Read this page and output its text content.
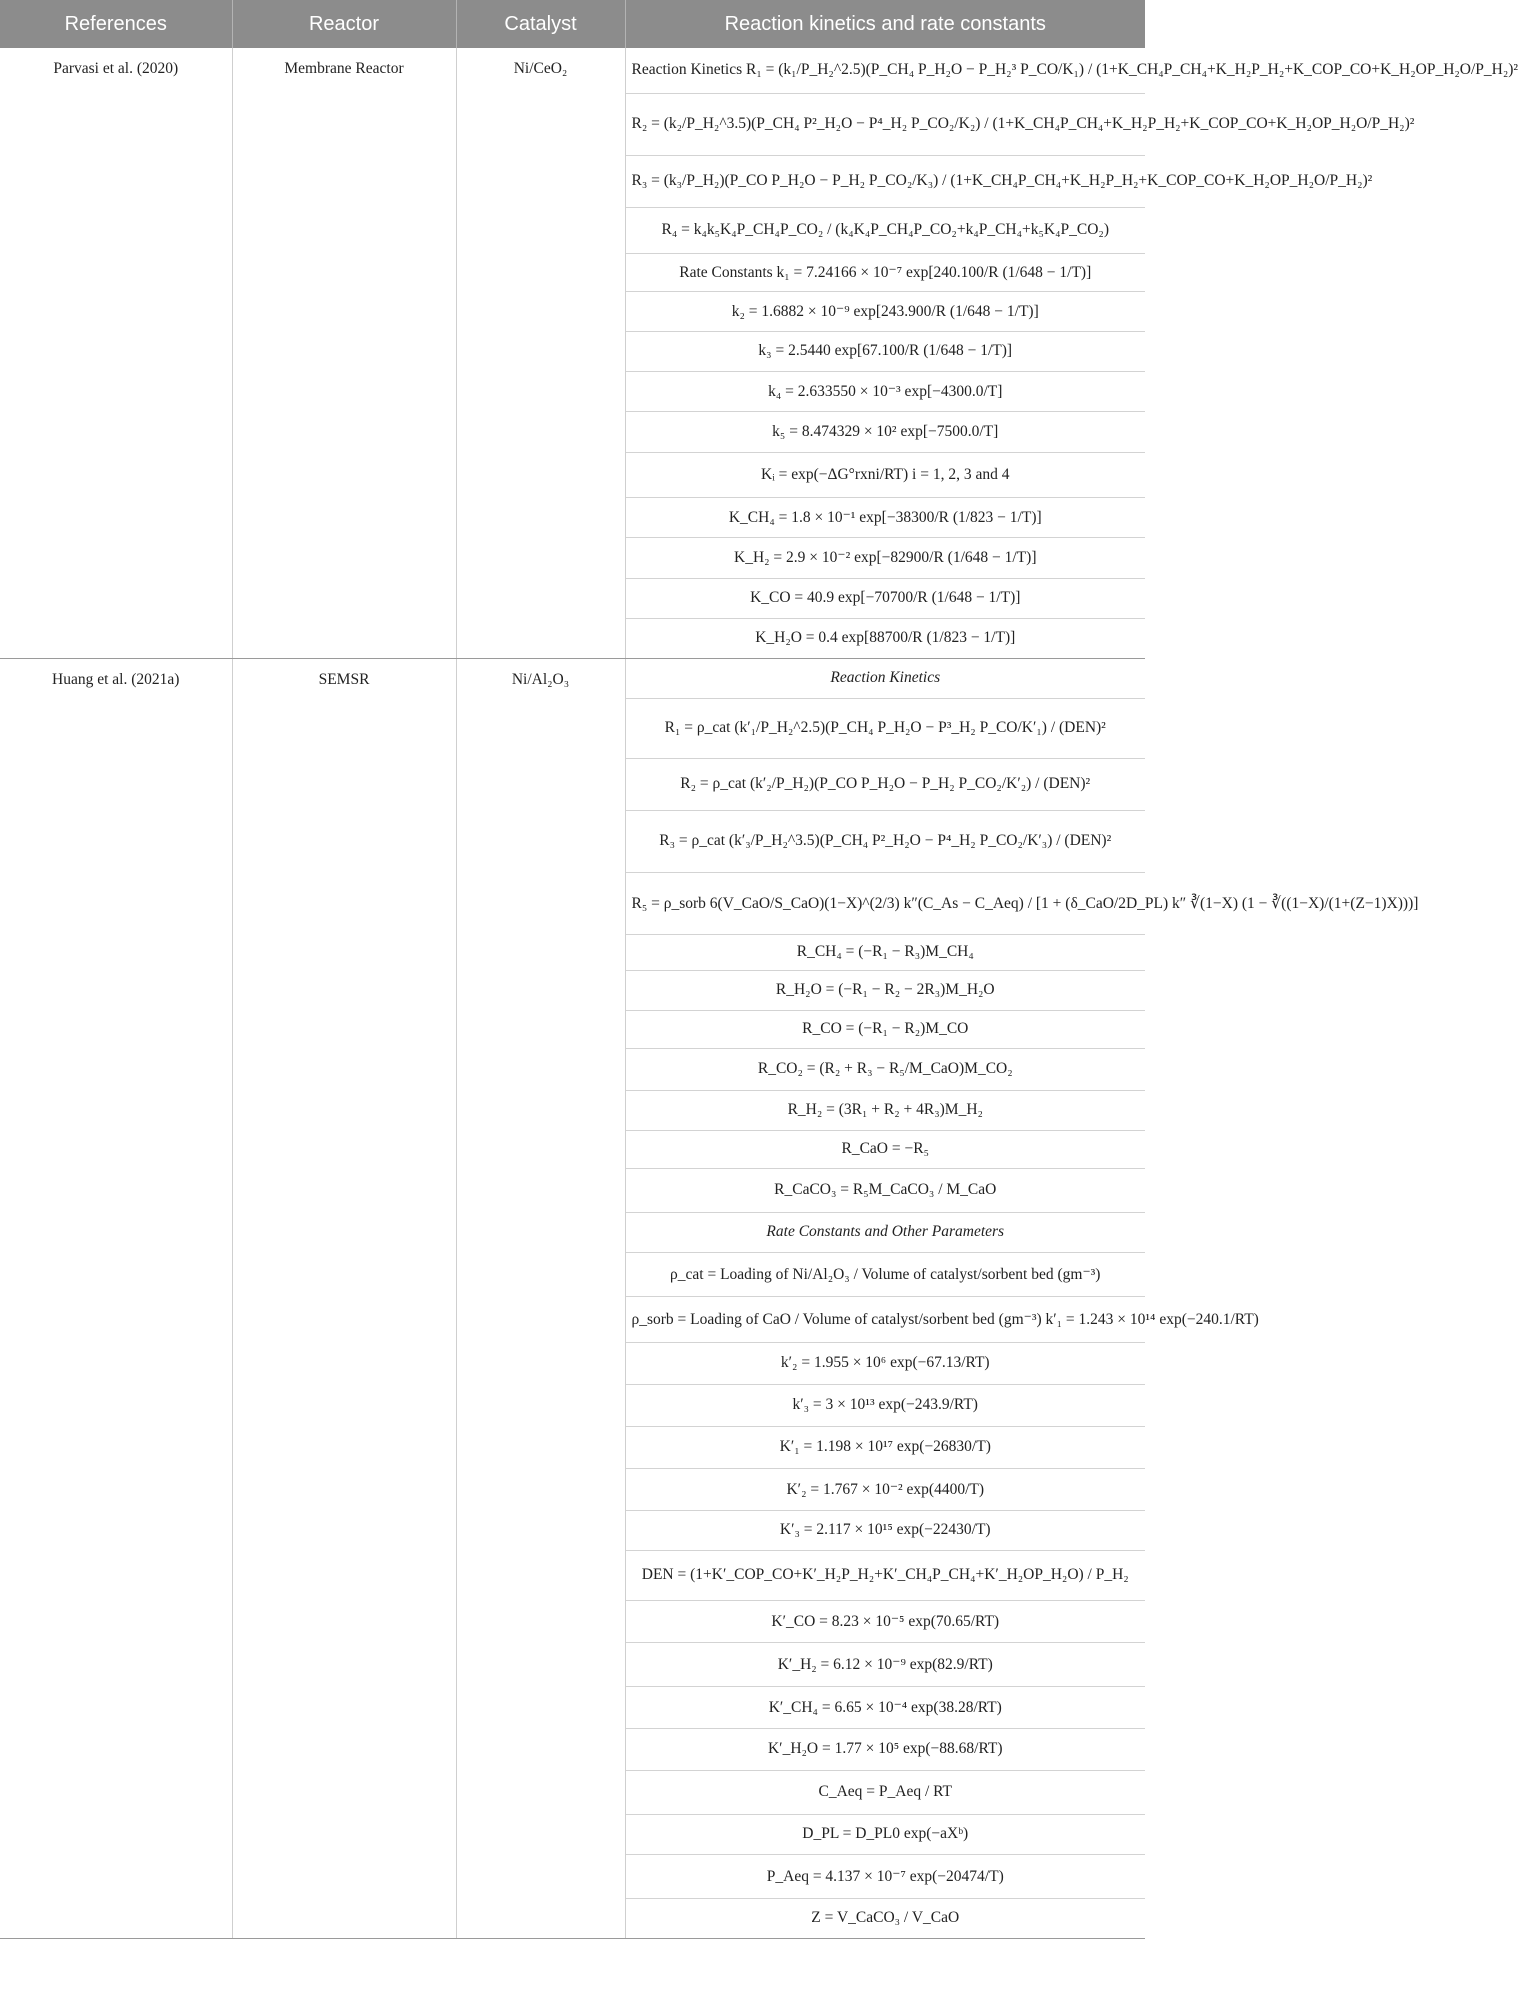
References	Reactor	Catalyst	Reaction kinetics and rate constants
Parvasi et al. (2020)	Membrane Reactor	Ni/CeO₂	Reaction Kinetics R₁ = (k₁/P_H₂^2.5)(P_CH₄ P_H₂O − P_H₂³ P_CO/K₁) / (1+K_CH₄P_CH₄+K_H₂P_H₂+K_COP_CO+K_H₂OP_H₂O/P_H₂)²
			R₂ = (k₂/P_H₂^3.5)(P_CH₄ P²_H₂O − P⁴_H₂ P_CO₂/K₂) / (1+K_CH₄P_CH₄+K_H₂P_H₂+K_COP_CO+K_H₂OP_H₂O/P_H₂)²
			R₃ = (k₃/P_H₂)(P_CO P_H₂O − P_H₂ P_CO₂/K₃) / (1+K_CH₄P_CH₄+K_H₂P_H₂+K_COP_CO+K_H₂OP_H₂O/P_H₂)²
			R₄ = k₄k₅K₄P_CH₄P_CO₂ / (k₄K₄P_CH₄P_CO₂+k₄P_CH₄+k₅K₄P_CO₂)
			Rate Constants k₁ = 7.24166 × 10⁻⁷ exp[240.100/R (1/648 − 1/T)]
			k₂ = 1.6882 × 10⁻⁹ exp[243.900/R (1/648 − 1/T)]
			k₃ = 2.5440 exp[67.100/R (1/648 − 1/T)]
			k₄ = 2.633550 × 10⁻³ exp[−4300.0/T]
			k₅ = 8.474329 × 10² exp[−7500.0/T]
			Kᵢ = exp(−ΔG°rxni/RT) i = 1, 2, 3 and 4
			K_CH₄ = 1.8 × 10⁻¹ exp[−38300/R (1/823 − 1/T)]
			K_H₂ = 2.9 × 10⁻² exp[−82900/R (1/648 − 1/T)]
			K_CO = 40.9 exp[−70700/R (1/648 − 1/T)]
			K_H₂O = 0.4 exp[88700/R (1/823 − 1/T)]
Huang et al. (2021a)	SEMSR	Ni/Al₂O₃	Reaction Kinetics
			R₁ = ρ_cat (k′₁/P_H₂^2.5)(P_CH₄ P_H₂O − P³_H₂ P_CO/K′₁) / (DEN)²
			R₂ = ρ_cat (k′₂/P_H₂)(P_CO P_H₂O − P_H₂ P_CO₂/K′₂) / (DEN)²
			R₃ = ρ_cat (k′₃/P_H₂^3.5)(P_CH₄ P²_H₂O − P⁴_H₂ P_CO₂/K′₃) / (DEN)²
			R₅ = ρ_sorb 6(V_CaO/S_CaO)(1−X)^(2/3) k″(C_As − C_Aeq) / [1 + (δ_CaO/2D_PL) k″ ∛(1−X) (1 − ∛((1−X)/(1+(Z−1)X)))]
			R_CH₄ = (−R₁ − R₃)M_CH₄
			R_H₂O = (−R₁ − R₂ − 2R₃)M_H₂O
			R_CO = (−R₁ − R₂)M_CO
			R_CO₂ = (R₂ + R₃ − R₅/M_CaO)M_CO₂
			R_H₂ = (3R₁ + R₂ + 4R₃)M_H₂
			R_CaO = −R₅
			R_CaCO₃ = R₅M_CaCO₃ / M_CaO
			Rate Constants and Other Parameters
			ρ_cat = Loading of Ni/Al₂O₃ / Volume of catalyst/sorbent bed (gm⁻³)
			ρ_sorb = Loading of CaO / Volume of catalyst/sorbent bed (gm⁻³) k′₁ = 1.243 × 10¹⁴ exp(−240.1/RT)
			k′₂ = 1.955 × 10⁶ exp(−67.13/RT)
			k′₃ = 3 × 10¹³ exp(−243.9/RT)
			K′₁ = 1.198 × 10¹⁷ exp(−26830/T)
			K′₂ = 1.767 × 10⁻² exp(4400/T)
			K′₃ = 2.117 × 10¹⁵ exp(−22430/T)
			DEN = (1+K′_COP_CO+K′_H₂P_H₂+K′_CH₄P_CH₄+K′_H₂OP_H₂O) / P_H₂
			K′_CO = 8.23 × 10⁻⁵ exp(70.65/RT)
			K′_H₂ = 6.12 × 10⁻⁹ exp(82.9/RT)
			K′_CH₄ = 6.65 × 10⁻⁴ exp(38.28/RT)
			K′_H₂O = 1.77 × 10⁵ exp(−88.68/RT)
			C_Aeq = P_Aeq / RT
			D_PL = D_PL0 exp(−aXᵇ)
			P_Aeq = 4.137 × 10⁻⁷ exp(−20474/T)
			Z = V_CaCO₃ / V_CaO
